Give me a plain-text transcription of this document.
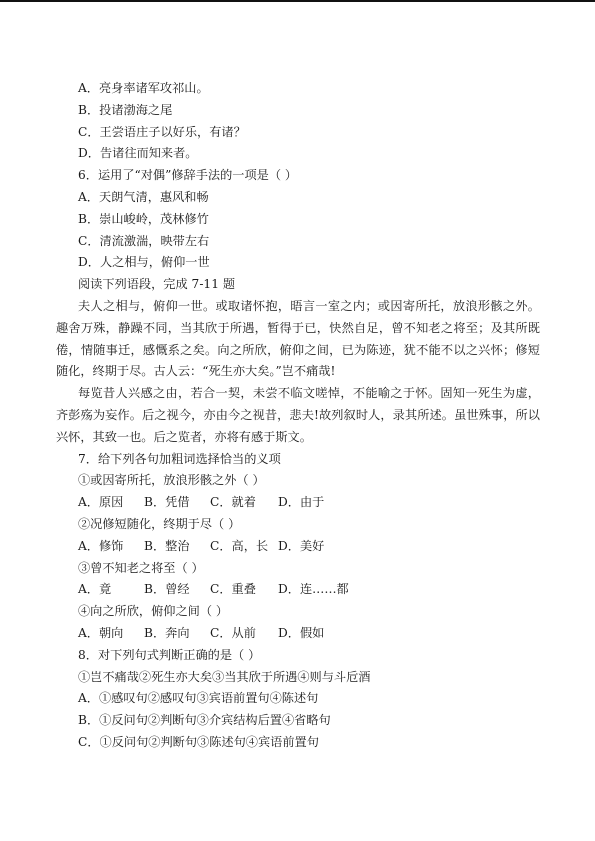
A．亮身率诸军攻祁山。
B．投诸渤海之尾
C．王尝语庄子以好乐，有诸？
D．告诸往而知来者。
6．运用了“对偶”修辞手法的一项是（ ）
A．天朗气清，惠风和畅
B．崇山峻岭，茂林修竹
C．清流激湍，映带左右
D．人之相与，俯仰一世
阅读下列语段，完成 7-11 题
夫人之相与，俯仰一世。或取诸怀抱，晤言一室之内；或因寄所托，放浪形骸之外。趣舍万殊，静躁不同，当其欣于所遇，暂得于已，快然自足，曾不知老之将至；及其所既倦，情随事迁，感慨系之矣。向之所欣，俯仰之间，已为陈迹，犹不能不以之兴怀；修短随化，终期于尽。古人云：“死生亦大矣。”岂不痛哉!
每览昔人兴感之由，若合一契，未尝不临文嗟悼，不能喻之于怀。固知一死生为虚，齐彭殇为妄作。后之视今，亦由今之视昔，悲夫!故列叙时人，录其所述。虽世殊事，所以兴怀，其致一也。后之览者，亦将有感于斯文。
7．给下列各句加粗词选择恰当的义项
①或因寄所托，放浪形骸之外（ ）
A．原因 B．凭借 C．就着 D．由于
②况修短随化，终期于尽（ ）
A．修饰 B．整治 C．高，长 D．美好
③曾不知老之将至（ ）
A．竟	B．曾经 C．重叠 D．连……都
④向之所欣，俯仰之间（ ）
A．朝向 B．奔向 C．从前 D．假如
8．对下列句式判断正确的是（ ）
①岂不痛哉②死生亦大矣③当其欣于所遇④则与斗卮酒
A．①感叹句②感叹句③宾语前置句④陈述句
B．①反问句②判断句③介宾结构后置④省略句
C．①反问句②判断句③陈述句④宾语前置句
